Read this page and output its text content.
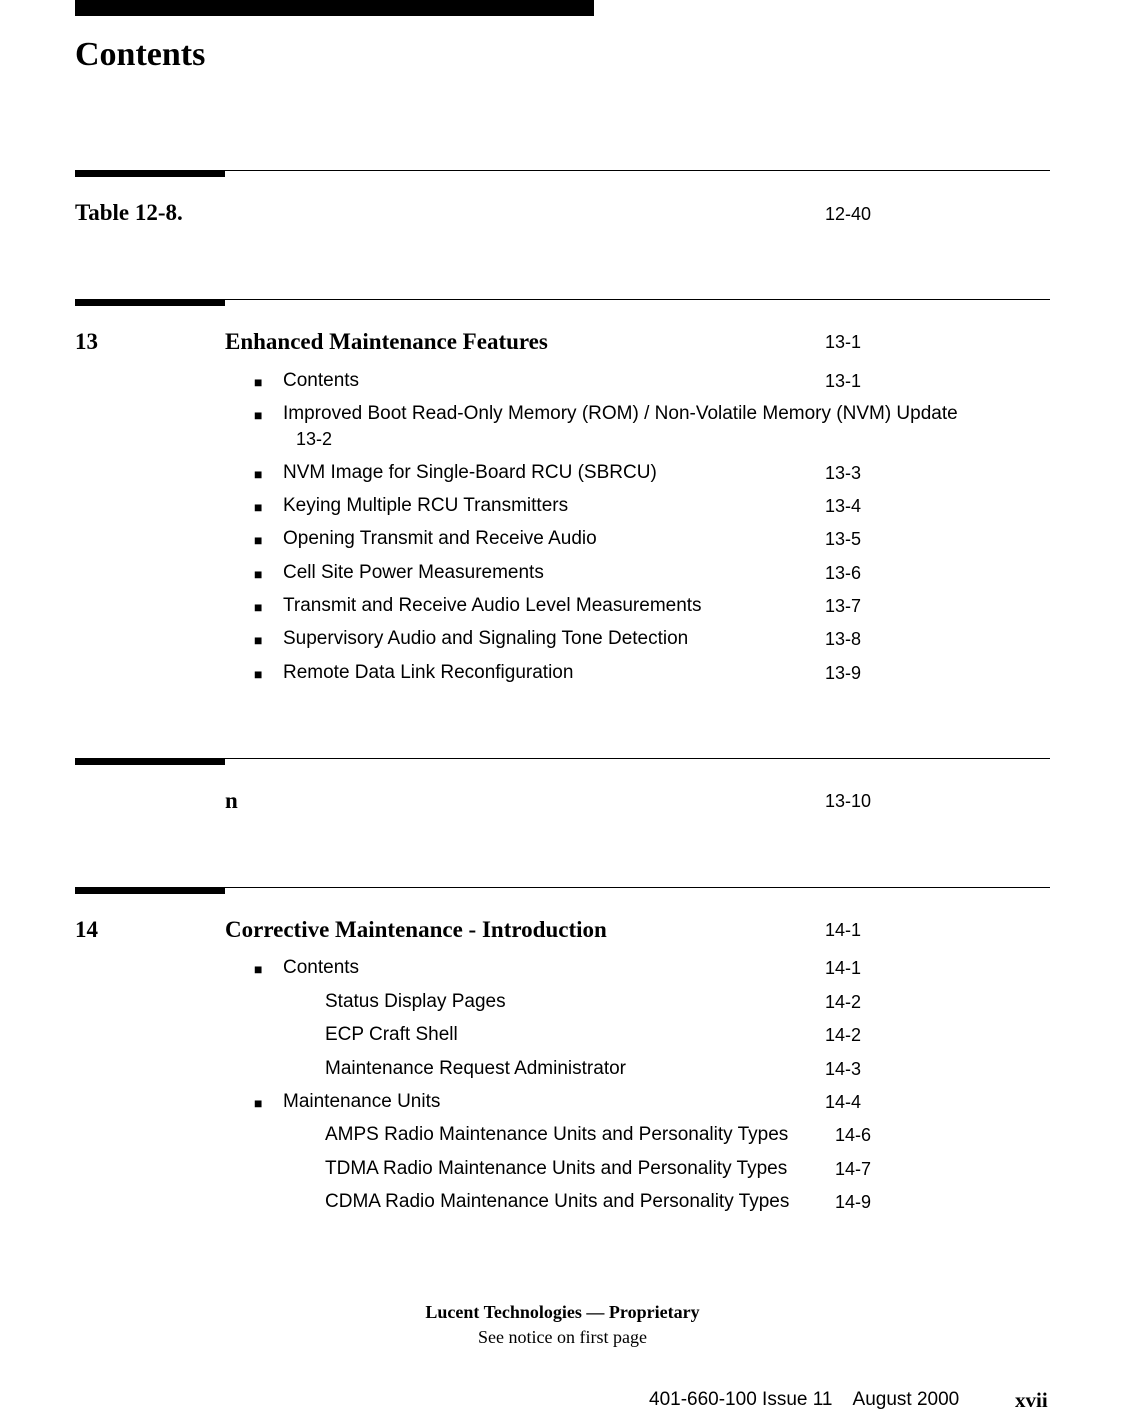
Contents
Table 12-8.	12-40
13	Enhanced Maintenance Features	13-1
■ Contents	13-1
■ Improved Boot Read-Only Memory (ROM) / Non-Volatile Memory (NVM) Update
13-2
■ NVM Image for Single-Board RCU (SBRCU)	13-3
■ Keying Multiple RCU Transmitters	13-4
■ Opening Transmit and Receive Audio	13-5
■ Cell Site Power Measurements	13-6
■ Transmit and Receive Audio Level Measurements	13-7
■ Supervisory Audio and Signaling Tone Detection	13-8
■ Remote Data Link Reconfiguration	13-9
n	13-10
14	Corrective Maintenance - Introduction	14-1
■ Contents	14-1
Status Display Pages	14-2
ECP Craft Shell	14-2
Maintenance Request Administrator	14-3
■ Maintenance Units	14-4
AMPS Radio Maintenance Units and Personality Types	14-6
TDMA Radio Maintenance Units and Personality Types	14-7
CDMA Radio Maintenance Units and Personality Types	14-9
Lucent Technologies — Proprietary
See notice on first page
401-660-100 Issue 11    August 2000	xvii
